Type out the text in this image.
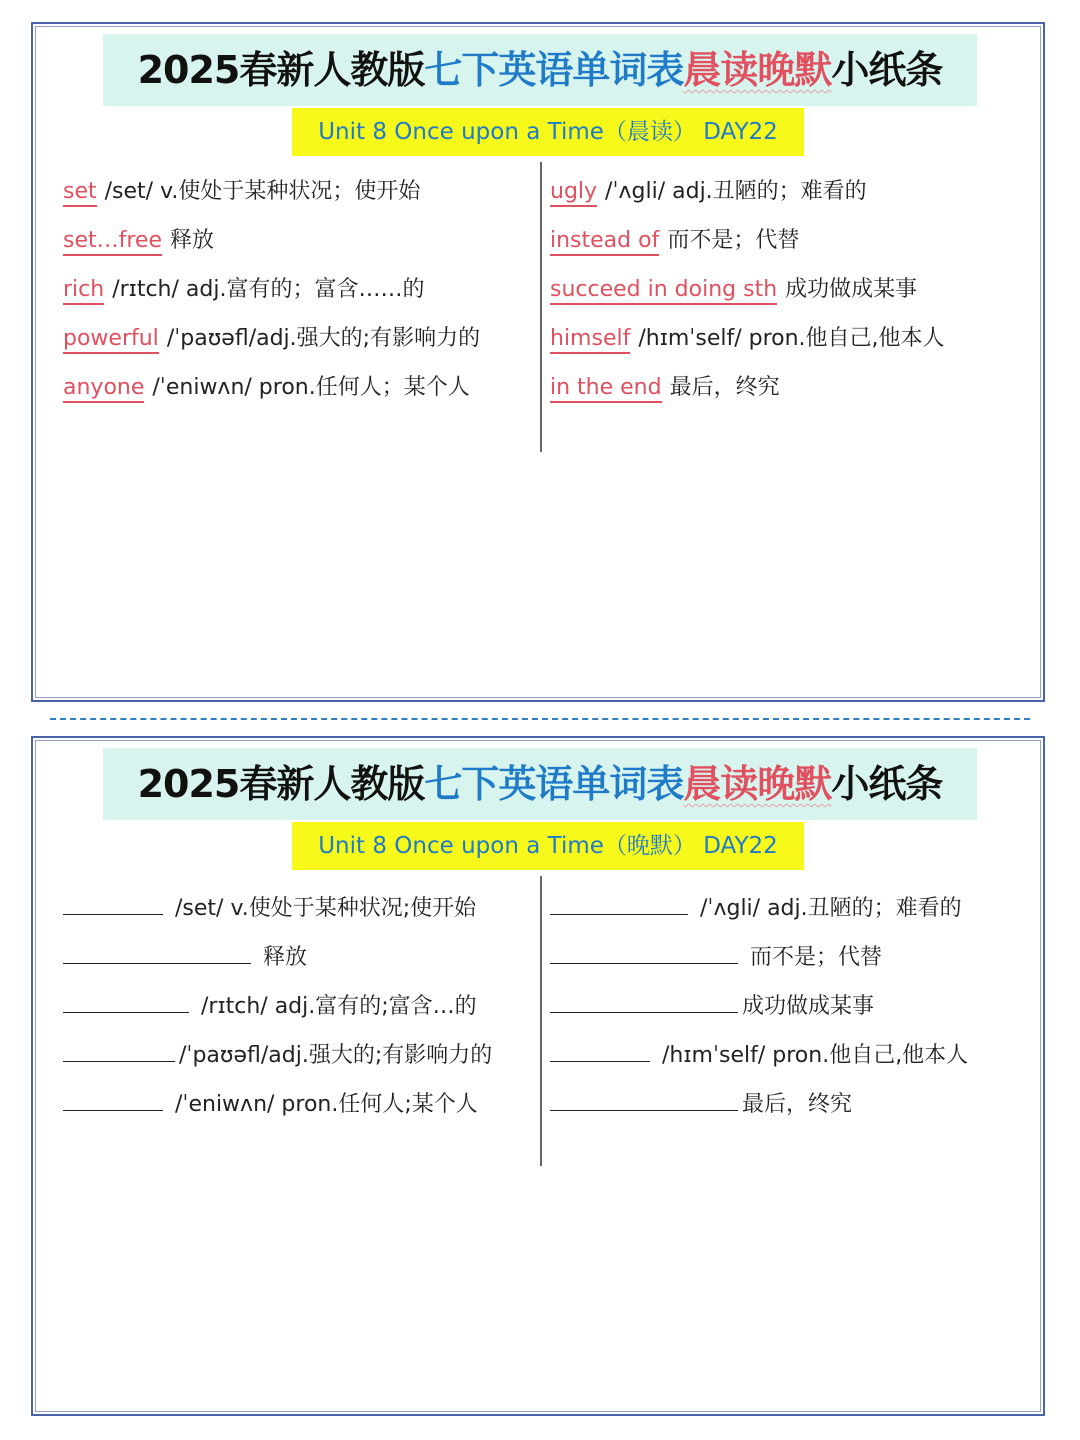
2025春新人教版七下英语单词表晨读晚默小纸条
Unit 8 Once upon a Time（晨读） DAY22
set /set/ v.使处于某种状况；使开始
set…free 释放
rich /rɪtch/ adj.富有的；富含……的
powerful /ˈpaʊəfl/adj.强大的;有影响力的
anyone /ˈeniwʌn/ pron.任何人；某个人
ugly /ˈʌgli/ adj.丑陋的；难看的
instead of 而不是；代替
succeed in doing sth 成功做成某事
himself /hɪmˈself/ pron.他自己,他本人
in the end 最后，终究
2025春新人教版七下英语单词表晨读晚默小纸条
Unit 8 Once upon a Time（晚默） DAY22
/set/ v.使处于某种状况;使开始
释放
/rɪtch/ adj.富有的;富含…的
/ˈpaʊəfl/adj.强大的;有影响力的
/ˈeniwʌn/ pron.任何人;某个人
/ˈʌgli/ adj.丑陋的；难看的
而不是；代替
成功做成某事
/hɪmˈself/ pron.他自己,他本人
最后，终究
